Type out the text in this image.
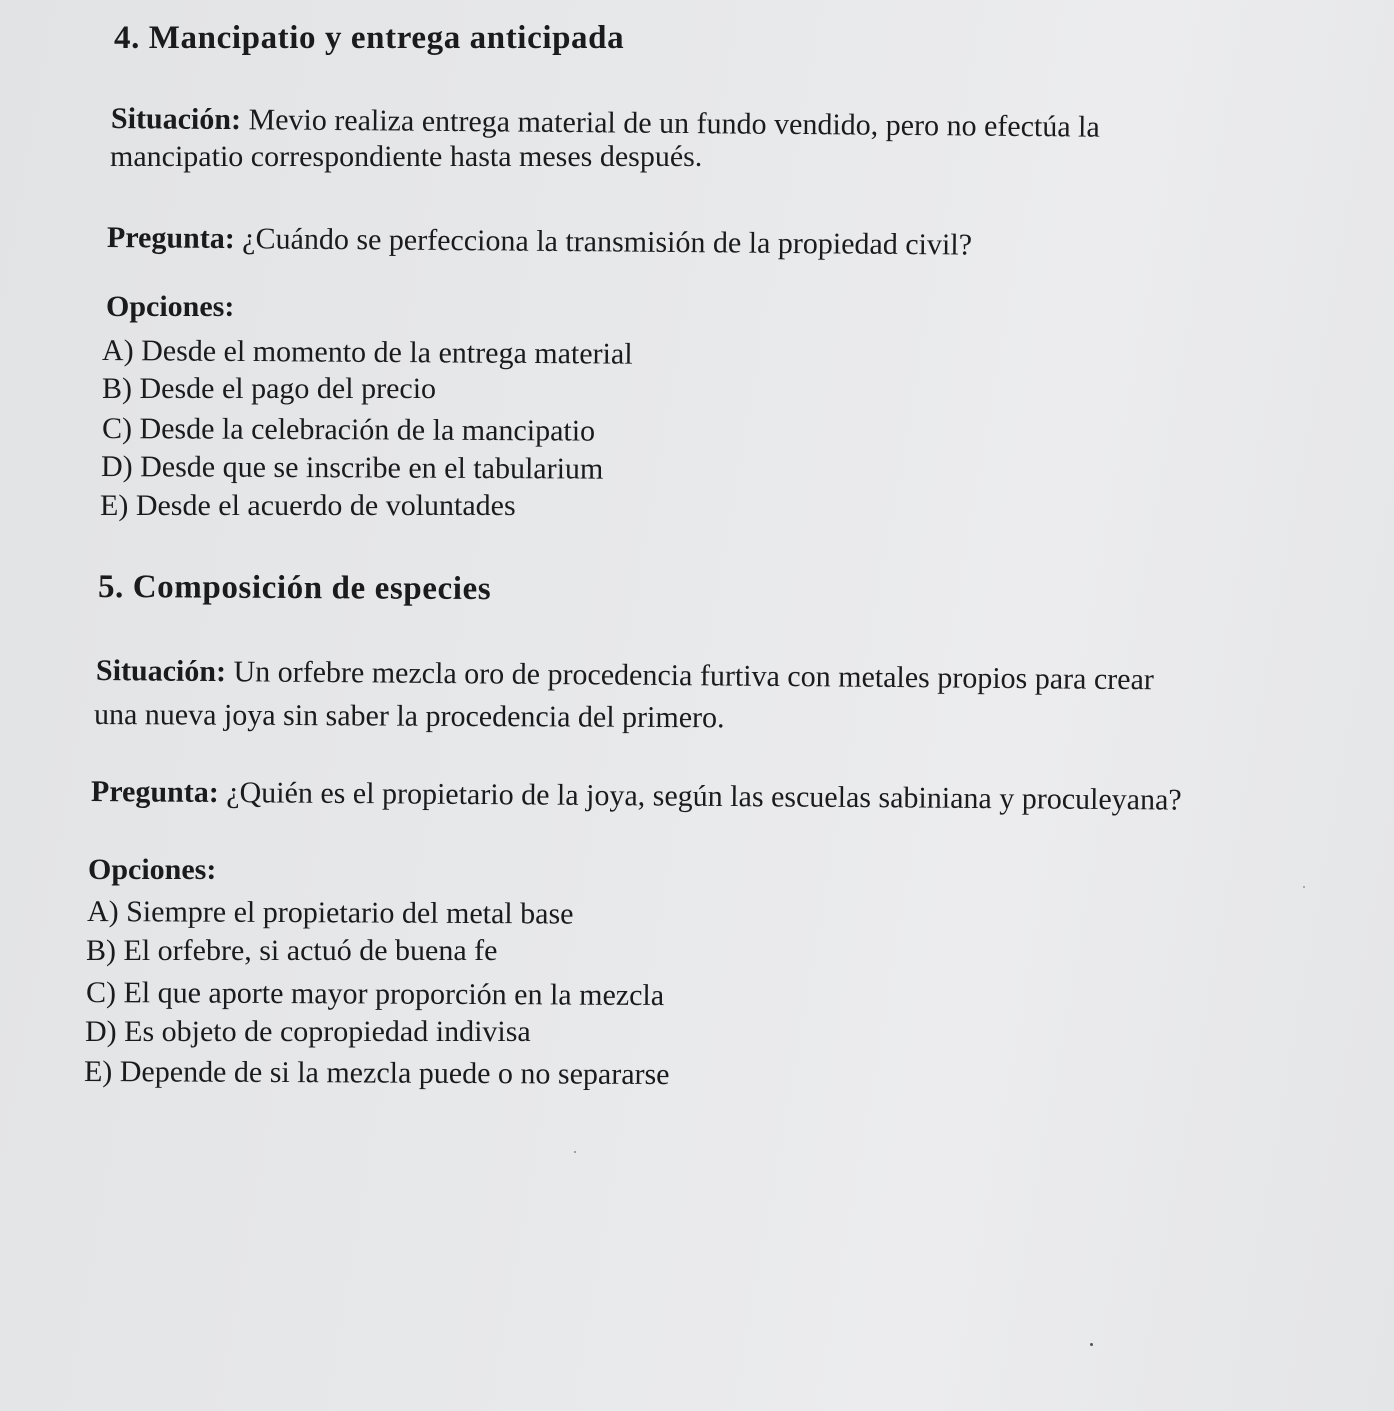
4. Mancipatio y entrega anticipada
Situación: Mevio realiza entrega material de un fundo vendido, pero no efectúa la
mancipatio correspondiente hasta meses después.
Pregunta: ¿Cuándo se perfecciona la transmisión de la propiedad civil?
Opciones:
A) Desde el momento de la entrega material
B) Desde el pago del precio
C) Desde la celebración de la mancipatio
D) Desde que se inscribe en el tabularium
E) Desde el acuerdo de voluntades
5. Composición de especies
Situación: Un orfebre mezcla oro de procedencia furtiva con metales propios para crear
una nueva joya sin saber la procedencia del primero.
Pregunta: ¿Quién es el propietario de la joya, según las escuelas sabiniana y proculeyana?
Opciones:
A) Siempre el propietario del metal base
B) El orfebre, si actuó de buena fe
C) El que aporte mayor proporción en la mezcla
D) Es objeto de copropiedad indivisa
E) Depende de si la mezcla puede o no separarse
